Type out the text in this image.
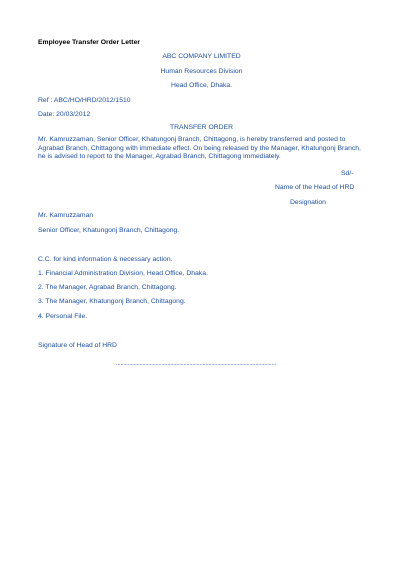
Employee Transfer Order Letter
ABC COMPANY LIMITED
Human Resources Division
Head Office, Dhaka.
Ref : ABC/HO/HRD/2012/1510
Date: 20/03/2012
TRANSFER ORDER
Mr. Kamruzzaman, Senior Officer, Khatungonj Branch, Chittagong, is hereby transferred and posted to
Agrabad Branch, Chittagong with immediate effect. On being released by the Manager, Khatungonj Branch,
he is advised to report to the Manager, Agrabad Branch, Chittagong immediately.
Sd/-
Name of the Head of HRD
Designation
Mr. Kamruzzaman
Senior Officer, Khatungonj Branch, Chittagong.
C.C. for kind information & necessary action.
1. Financial Administration Division, Head Office, Dhaka.
2. The Manager, Agrabad Branch, Chittagong.
3. The Manager, Khatungonj Branch, Chittagong.
4. Personal File.
Signature of Head of HRD
.............................................................................................................
